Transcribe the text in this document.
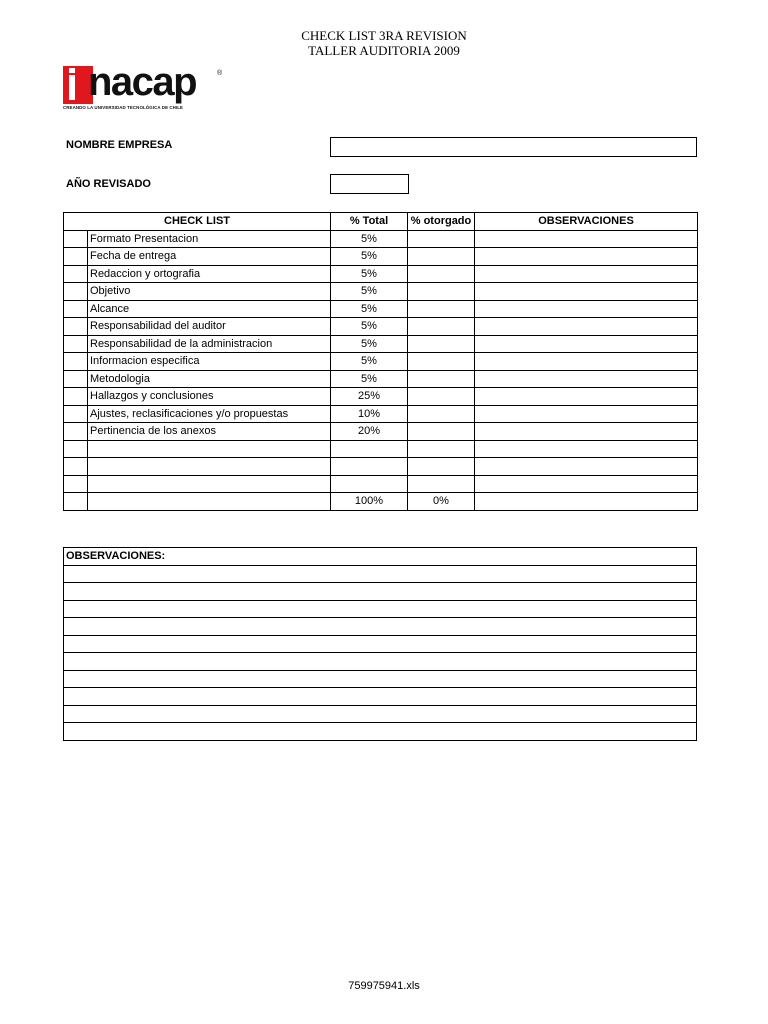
CHECK LIST 3RA REVISION
TALLER AUDITORIA 2009
nacap	®
CREANDO LA UNIVERSIDAD TECNOLÓGICA DE CHILE
NOMBRE EMPRESA
AÑO REVISADO
CHECK LIST		% Total	% otorgado	OBSERVACIONES
	Formato Presentacion	5%		
	Fecha de entrega	5%		
	Redaccion y ortografia	5%		
	Objetivo	5%		
	Alcance	5%		
	Responsabilidad del auditor	5%		
	Responsabilidad de la administracion	5%		
	Informacion especifica	5%		
	Metodologia	5%		
	Hallazgos y conclusiones	25%		
	Ajustes, reclasificaciones y/o propuestas	10%		
	Pertinencia de los anexos	20%		

		100%	0%	
OBSERVACIONES:

759975941.xls
